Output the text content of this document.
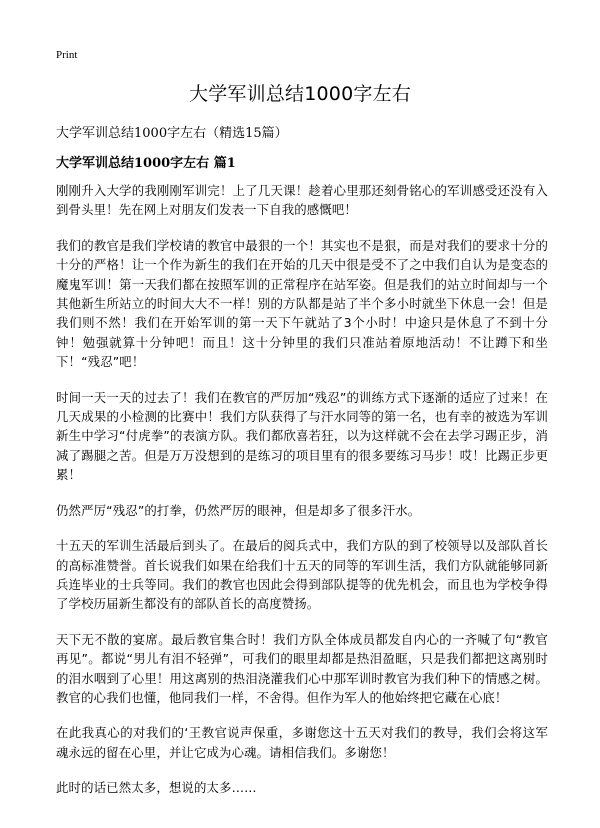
Print
大学军训总结1000字左右

大学军训总结1000字左右（精选15篇）

大学军训总结1000字左右 篇1

刚刚升入大学的我刚刚军训完！上了几天课！趁着心里那还刻骨铭心的军训感受还没有入到骨头里！先在网上对朋友们发表一下自我的感慨吧！

我们的教官是我们学校请的教官中最狠的一个！其实也不是狠，而是对我们的要求十分的十分的严格！让一个作为新生的我们在开始的几天中很是受不了之中我们自认为是变态的魔鬼军训！第一天我们都在按照军训的正常程序在站军姿。但是我们的站立时间却与一个其他新生所站立的时间大大不一样！别的方队都是站了半个多小时就坐下休息一会！但是我们则不然！我们在开始军训的第一天下午就站了3个小时！中途只是休息了不到十分钟！勉强就算十分钟吧！而且！这十分钟里的我们只准站着原地活动！不让蹲下和坐下！“残忍”吧！

时间一天一天的过去了！我们在教官的严厉加“残忍”的训练方式下逐渐的适应了过来！在几天成果的小检测的比赛中！我们方队获得了与汗水同等的第一名，也有幸的被选为军训新生中学习“付虎拳”的表演方队。我们都欣喜若狂，以为这样就不会在去学习踢正步，消减了踢腿之苦。但是万万没想到的是练习的项目里有的很多要练习马步！哎！比踢正步更累！

仍然严厉“残忍”的打拳，仍然严厉的眼神，但是却多了很多汗水。

十五天的军训生活最后到头了。在最后的阅兵式中，我们方队的到了校领导以及部队首长的高标准赞誉。首长说我们如果在给我们十五天的同等的军训生活，我们方队就能够同新兵连毕业的士兵等同。我们的教官也因此会得到部队提等的优先机会，而且也为学校争得了学校历届新生都没有的部队首长的高度赞扬。

天下无不散的宴席。最后教官集合时！我们方队全体成员都发自内心的一齐喊了句“教官再见”。都说“男儿有泪不轻弹”，可我们的眼里却都是热泪盈眶，只是我们都把这离别时的泪水咽到了心里！用这离别的热泪浇灌我们心中那军训时教官为我们种下的情感之树。教官的心我们也懂，他同我们一样，不舍得。但作为军人的他始终把它藏在心底！

在此我真心的对我们的‘王教官说声保重，多谢您这十五天对我们的教导，我们会将这军魂永远的留在心里，并让它成为心魂。请相信我们。多谢您！

此时的话已然太多，想说的太多……
